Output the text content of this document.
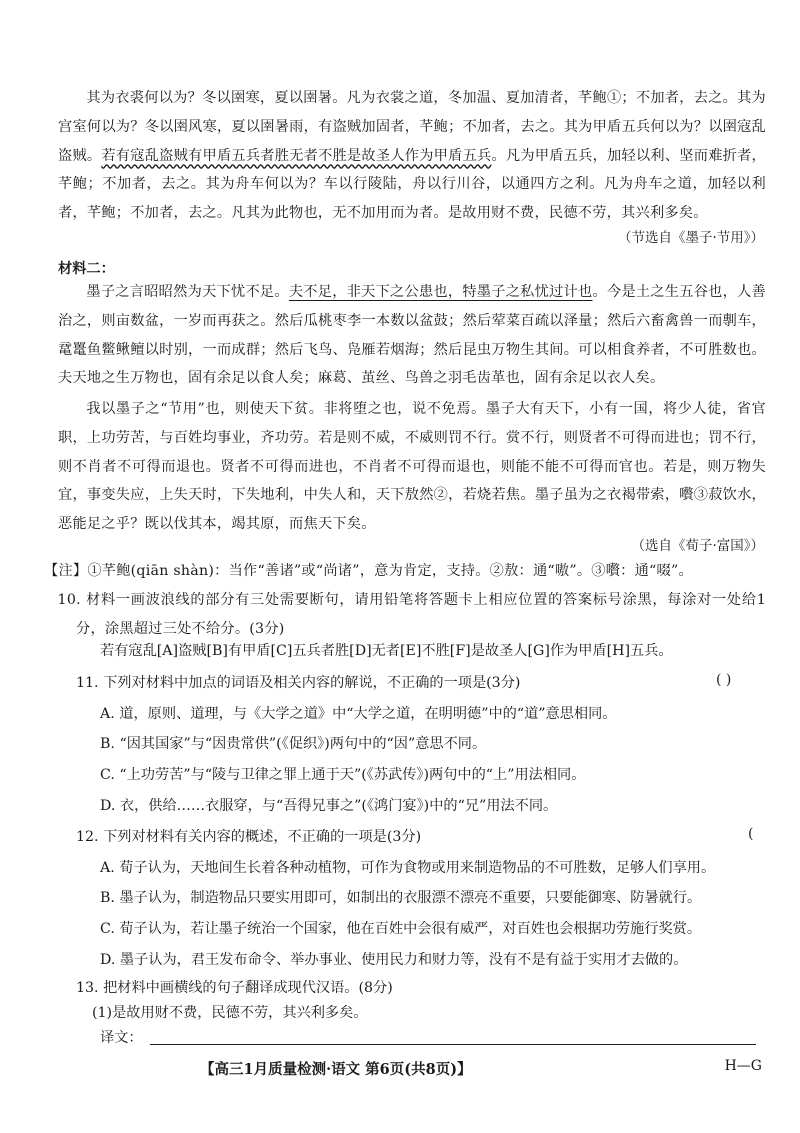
其为衣裘何以为？冬以圉寒，夏以圉暑。凡为衣裳之道，冬加温、夏加清者，芊鲍①；不加者，去之。其为宫室何以为？冬以圉风寒，夏以圉暑雨，有盗贼加固者，芊鲍；不加者，去之。其为甲盾五兵何以为？以圉寇乱盗贼。若有寇乱盗贼有甲盾五兵者胜无者不胜是故圣人作为甲盾五兵。凡为甲盾五兵，加轻以利、坚而难折者，芊鲍；不加者，去之。其为舟车何以为？车以行陵陆，舟以行川谷，以通四方之利。凡为舟车之道，加轻以利者，芊鲍；不加者，去之。凡其为此物也，无不加用而为者。是故用财不费，民德不劳，其兴利多矣。
（节选自《墨子·节用》）
材料二：
墨子之言昭昭然为天下忧不足。夫不足，非天下之公患也，特墨子之私忧过计也。今是土之生五谷也，人善治之，则亩数盆，一岁而再获之。然后瓜桃枣李一本数以盆鼓；然后荤菜百疏以泽量；然后六畜禽兽一而剸车，鼋鼍鱼鳖鳅鳣以时别，一而成群；然后飞鸟、凫雁若烟海；然后昆虫万物生其间。可以相食养者，不可胜数也。夫天地之生万物也，固有余足以食人矣；麻葛、茧丝、鸟兽之羽毛齿革也，固有余足以衣人矣。
我以墨子之“节用”也，则使天下贫。非将堕之也，说不免焉。墨子大有天下，小有一国，将少人徒，省官职，上功劳苦，与百姓均事业，齐功劳。若是则不威，不威则罚不行。赏不行，则贤者不可得而进也；罚不行，则不肖者不可得而退也。贤者不可得而进也，不肖者不可得而退也，则能不能不可得而官也。若是，则万物失宜，事变失应，上失天时，下失地利，中失人和，天下敖然②，若烧若焦。墨子虽为之衣褐带索，嚽③菽饮水，恶能足之乎？既以伐其本，竭其原，而焦天下矣。
（选自《荀子·富国》）
【注】①芊鲍(qiān shàn)：当作“善诸”或“尚诸”，意为肯定，支持。②敖：通“嗷”。③嚽：通“啜”。
10. 材料一画波浪线的部分有三处需要断句，请用铅笔将答题卡上相应位置的答案标号涂黑，每涂对一处给1分，涂黑超过三处不给分。(3分)
若有寇乱[A]盗贼[B]有甲盾[C]五兵者胜[D]无者[E]不胜[F]是故圣人[G]作为甲盾[H]五兵。
11. 下列对材料中加点的词语及相关内容的解说，不正确的一项是(3分)	( )
A. 道，原则、道理，与《大学之道》中“大学之道，在明明德”中的“道”意思相同。
B. “因其国家”与“因贵常供”(《促织》)两句中的“因”意思不同。
C. “上功劳苦”与“陵与卫律之罪上通于天”(《苏武传》)两句中的“上”用法相同。
D. 衣，供给……衣服穿，与“吾得兄事之”(《鸿门宴》)中的“兄”用法不同。
12. 下列对材料有关内容的概述，不正确的一项是(3分)	(
A. 荀子认为，天地间生长着各种动植物，可作为食物或用来制造物品的不可胜数，足够人们享用。
B. 墨子认为，制造物品只要实用即可，如制出的衣服漂不漂亮不重要，只要能御寒、防暑就行。
C. 荀子认为，若让墨子统治一个国家，他在百姓中会很有威严，对百姓也会根据功劳施行奖赏。
D. 墨子认为，君王发布命令、举办事业、使用民力和财力等，没有不是有益于实用才去做的。
13. 把材料中画横线的句子翻译成现代汉语。(8分)
(1)是故用财不费，民德不劳，其兴利多矣。
译文：
【高三1月质量检测·语文 第6页(共8页)】	H—G
